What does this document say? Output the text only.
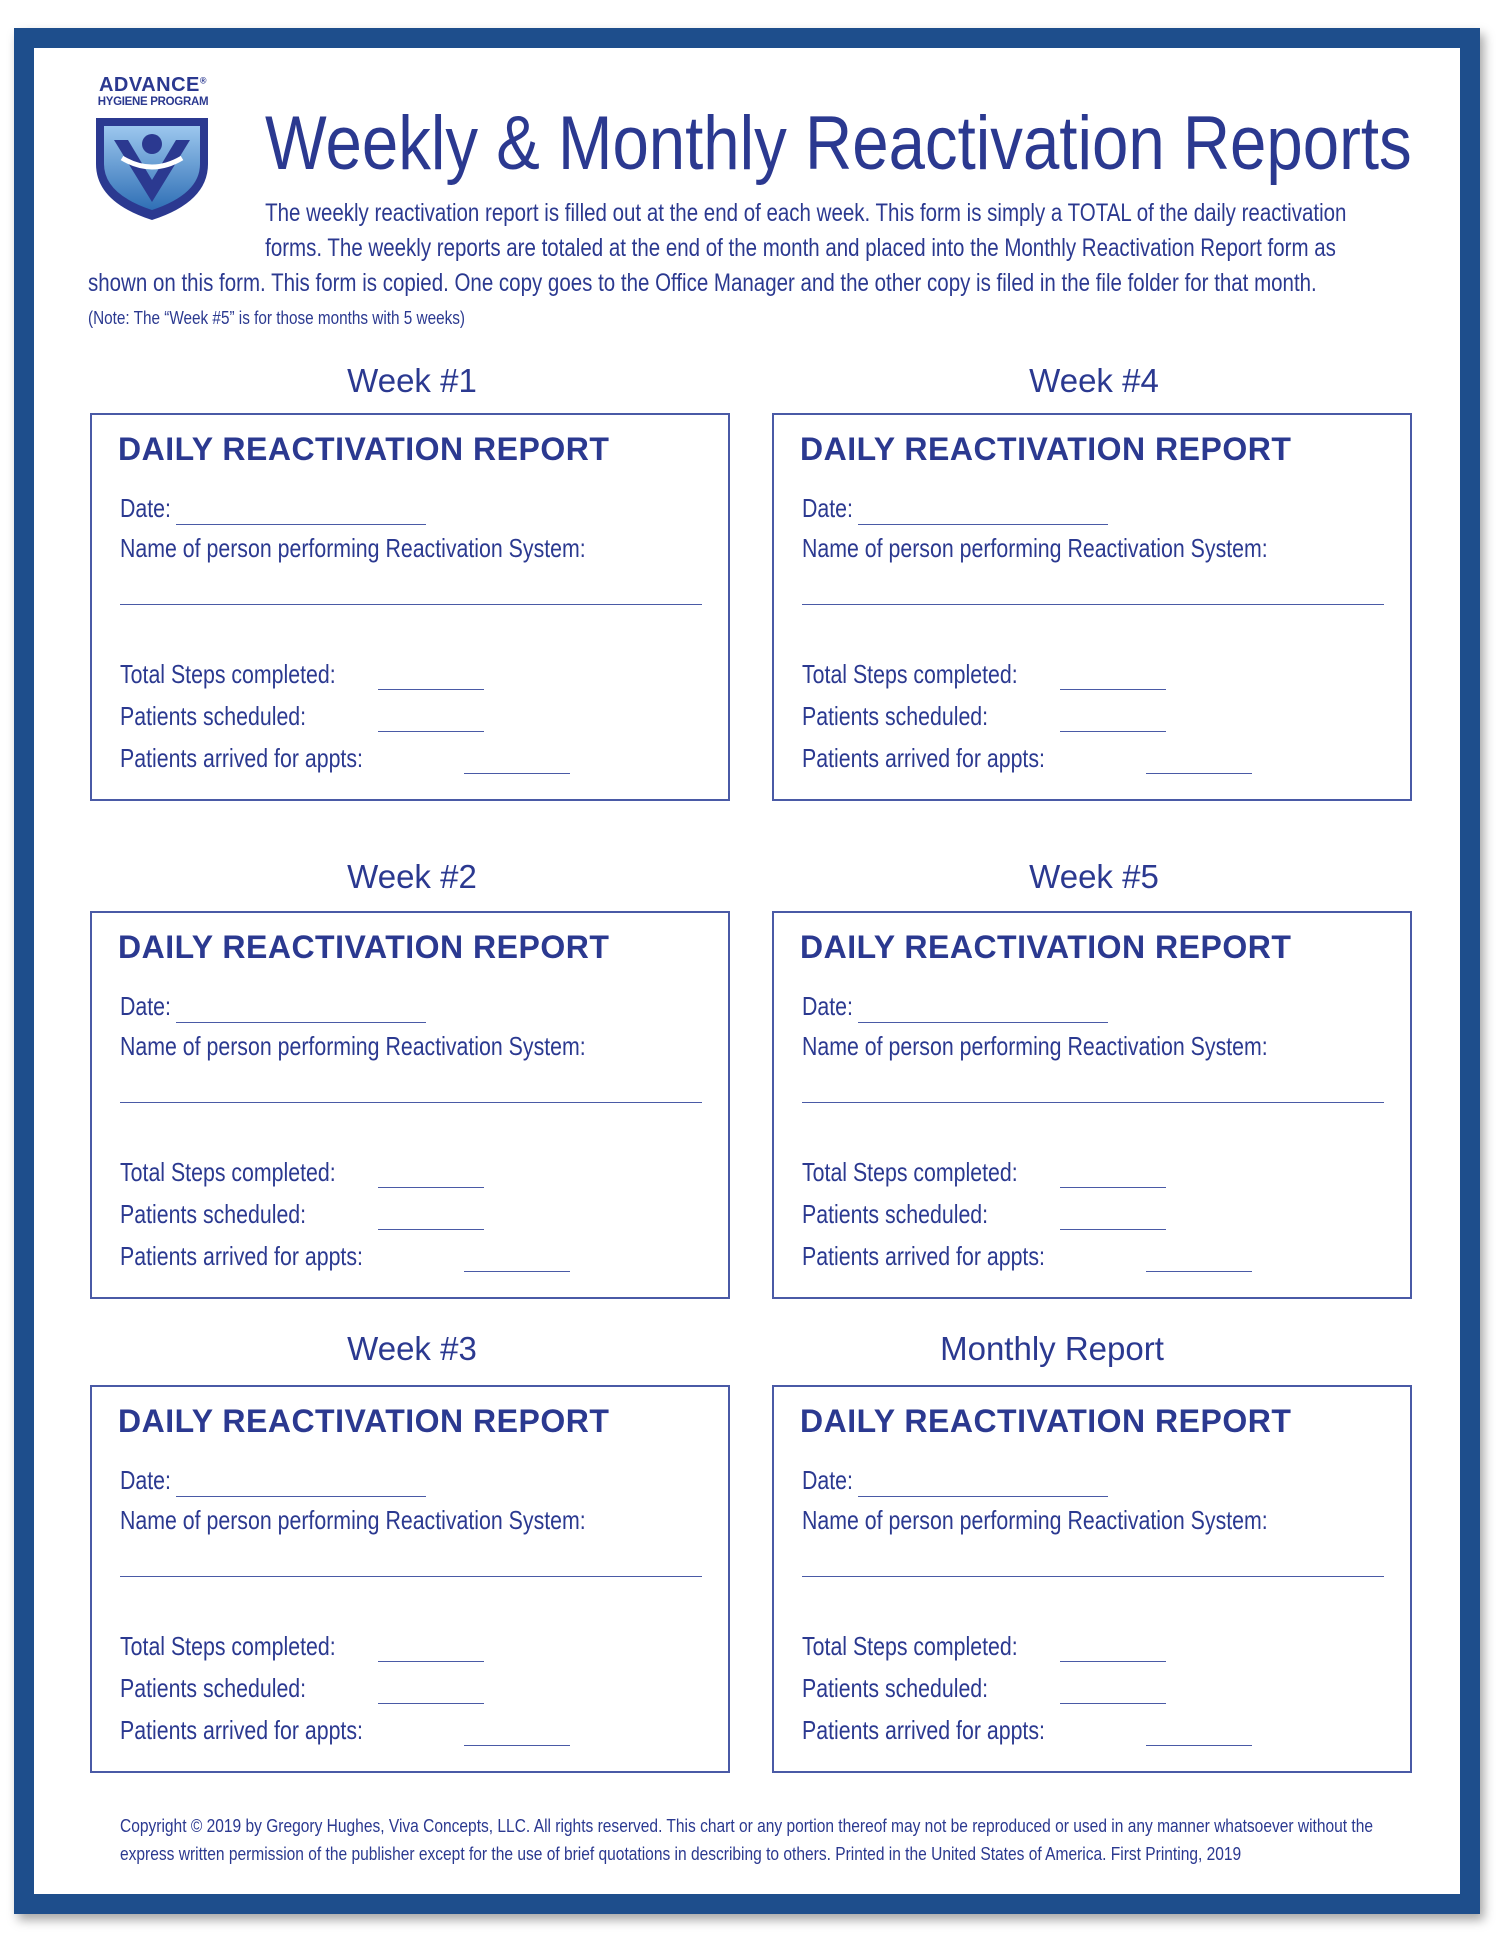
ADVANCE®
HYGIENE PROGRAM Weekly & Monthly Reactivation Reports
The weekly reactivation report is filled out at the end of each week. This form is simply a TOTAL of the daily reactivation
forms. The weekly reports are totaled at the end of the month and placed into the Monthly Reactivation Report form as
shown on this form. This form is copied. One copy goes to the Office Manager and the other copy is filed in the file folder for that month.
(Note: The “Week #5” is for those months with 5 weeks)
Week #1	Week #4
Week #2	Week #5
Week #3	Monthly Report
DAILY REACTIVATION REPORT
Date:
Name of person performing Reactivation System:
Total Steps completed:
Patients scheduled:
Patients arrived for appts:
DAILY REACTIVATION REPORT
Date:
Name of person performing Reactivation System:
Total Steps completed:
Patients scheduled:
Patients arrived for appts:
DAILY REACTIVATION REPORT
Date:
Name of person performing Reactivation System:
Total Steps completed:
Patients scheduled:
Patients arrived for appts:
DAILY REACTIVATION REPORT
Date:
Name of person performing Reactivation System:
Total Steps completed:
Patients scheduled:
Patients arrived for appts:
DAILY REACTIVATION REPORT
Date:
Name of person performing Reactivation System:
Total Steps completed:
Patients scheduled:
Patients arrived for appts:
DAILY REACTIVATION REPORT
Date:
Name of person performing Reactivation System:
Total Steps completed:
Patients scheduled:
Patients arrived for appts:
Copyright © 2019 by Gregory Hughes, Viva Concepts, LLC. All rights reserved. This chart or any portion thereof may not be reproduced or used in any manner whatsoever without the
express written permission of the publisher except for the use of brief quotations in describing to others. Printed in the United States of America. First Printing, 2019
